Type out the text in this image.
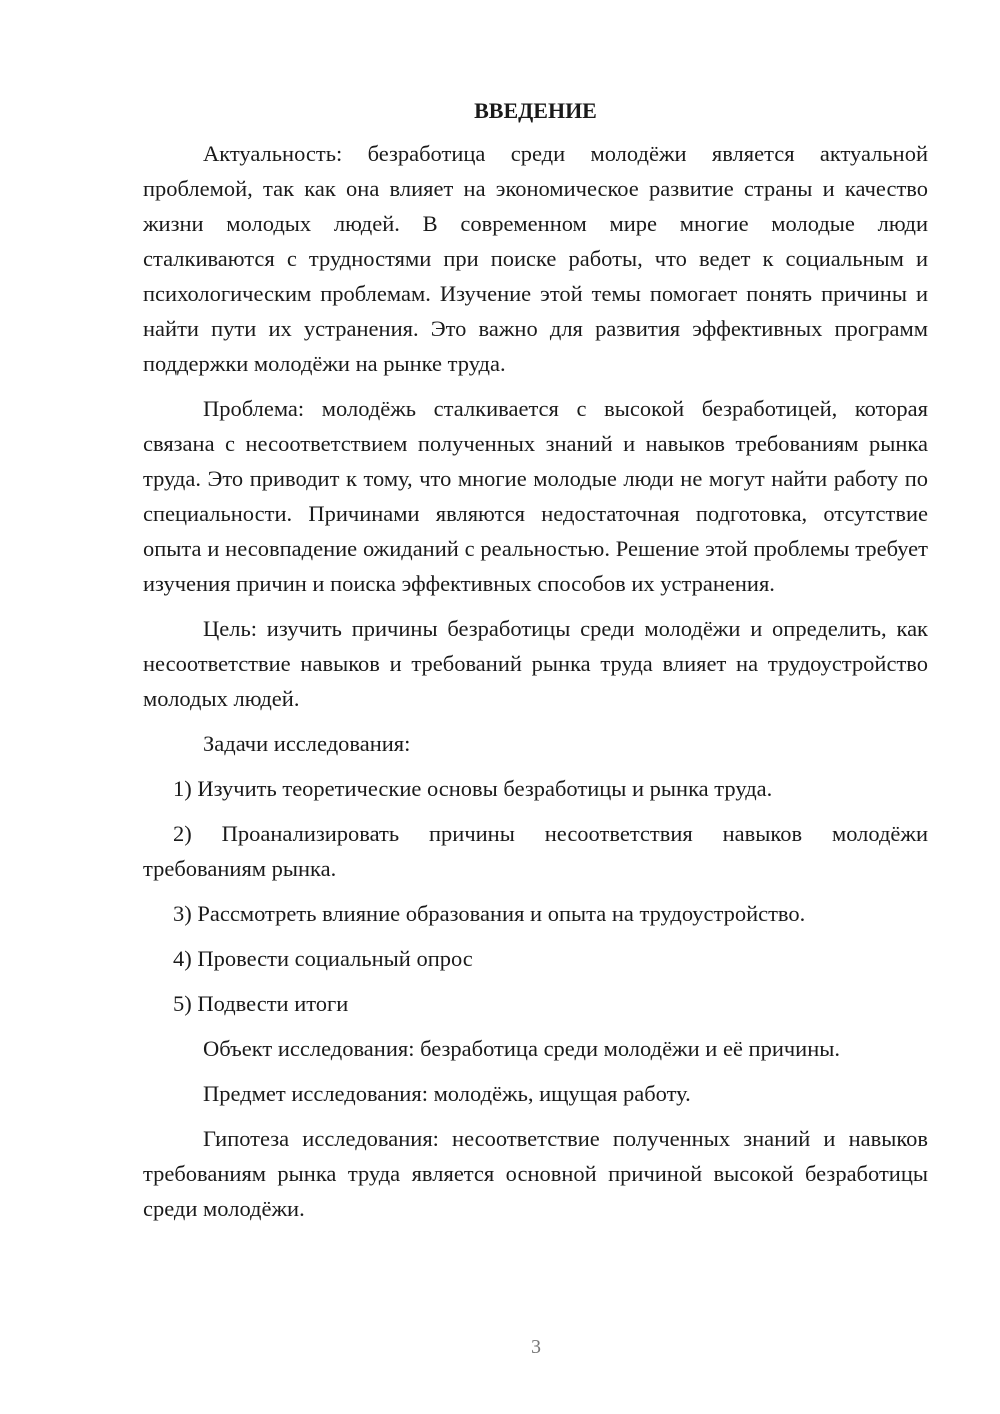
ВВЕДЕНИЕ

Актуальность: безработица среди молодёжи является актуальной проблемой, так как она влияет на экономическое развитие страны и качество жизни молодых людей. В современном мире многие молодые люди сталкиваются с трудностями при поиске работы, что ведет к социальным и психологическим проблемам. Изучение этой темы помогает понять причины и найти пути их устранения. Это важно для развития эффективных программ поддержки молодёжи на рынке труда.

Проблема: молодёжь сталкивается с высокой безработицей, которая связана с несоответствием полученных знаний и навыков требованиям рынка труда. Это приводит к тому, что многие молодые люди не могут найти работу по специальности. Причинами являются недостаточная подготовка, отсутствие опыта и несовпадение ожиданий с реальностью. Решение этой проблемы требует изучения причин и поиска эффективных способов их устранения.

Цель: изучить причины безработицы среди молодёжи и определить, как несоответствие навыков и требований рынка труда влияет на трудоустройство молодых людей.

Задачи исследования:

1) Изучить теоретические основы безработицы и рынка труда.

2) Проанализировать причины несоответствия навыков молодёжи требованиям рынка.

3) Рассмотреть влияние образования и опыта на трудоустройство.

4) Провести социальный опрос

5) Подвести итоги

Объект исследования: безработица среди молодёжи и её причины.

Предмет исследования: молодёжь, ищущая работу.

Гипотеза исследования: несоответствие полученных знаний и навыков требованиям рынка труда является основной причиной высокой безработицы среди молодёжи.

3
